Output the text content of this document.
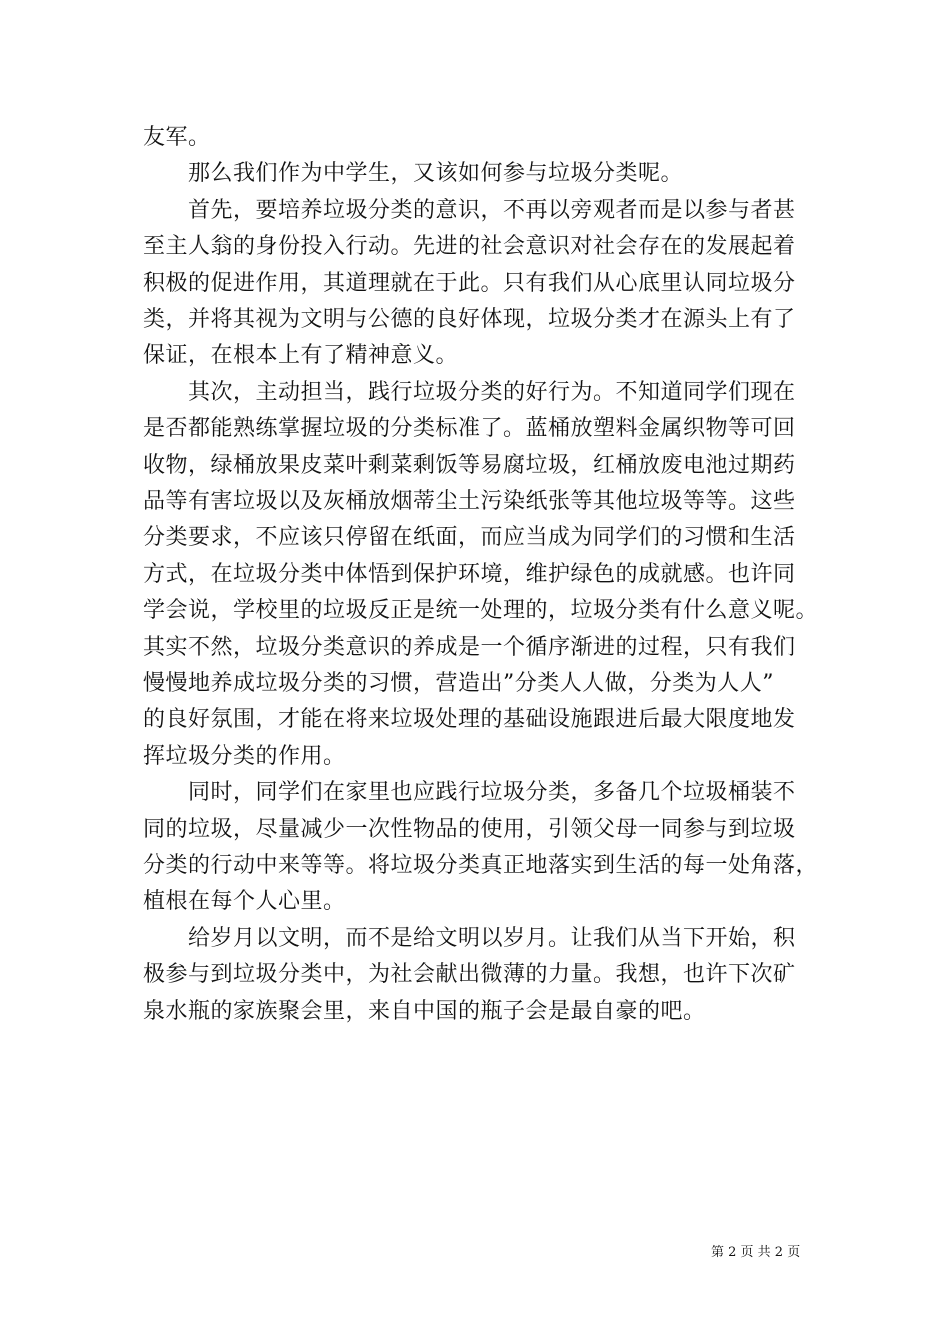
友军。
　　那么我们作为中学生，又该如何参与垃圾分类呢。
　　首先，要培养垃圾分类的意识，不再以旁观者而是以参与者甚
至主人翁的身份投入行动。先进的社会意识对社会存在的发展起着
积极的促进作用，其道理就在于此。只有我们从心底里认同垃圾分
类，并将其视为文明与公德的良好体现，垃圾分类才在源头上有了
保证，在根本上有了精神意义。
　　其次，主动担当，践行垃圾分类的好行为。不知道同学们现在
是否都能熟练掌握垃圾的分类标准了。蓝桶放塑料金属织物等可回
收物，绿桶放果皮菜叶剩菜剩饭等易腐垃圾，红桶放废电池过期药
品等有害垃圾以及灰桶放烟蒂尘土污染纸张等其他垃圾等等。这些
分类要求，不应该只停留在纸面，而应当成为同学们的习惯和生活
方式，在垃圾分类中体悟到保护环境，维护绿色的成就感。也许同
学会说，学校里的垃圾反正是统一处理的，垃圾分类有什么意义呢。
其实不然，垃圾分类意识的养成是一个循序渐进的过程，只有我们
慢慢地养成垃圾分类的习惯，营造出”分类人人做，分类为人人”
的良好氛围，才能在将来垃圾处理的基础设施跟进后最大限度地发
挥垃圾分类的作用。
　　同时，同学们在家里也应践行垃圾分类，多备几个垃圾桶装不
同的垃圾，尽量减少一次性物品的使用，引领父母一同参与到垃圾
分类的行动中来等等。将垃圾分类真正地落实到生活的每一处角落，
植根在每个人心里。
　　给岁月以文明，而不是给文明以岁月。让我们从当下开始，积
极参与到垃圾分类中，为社会献出微薄的力量。我想，也许下次矿
泉水瓶的家族聚会里，来自中国的瓶子会是最自豪的吧。
第 2 页 共 2 页
